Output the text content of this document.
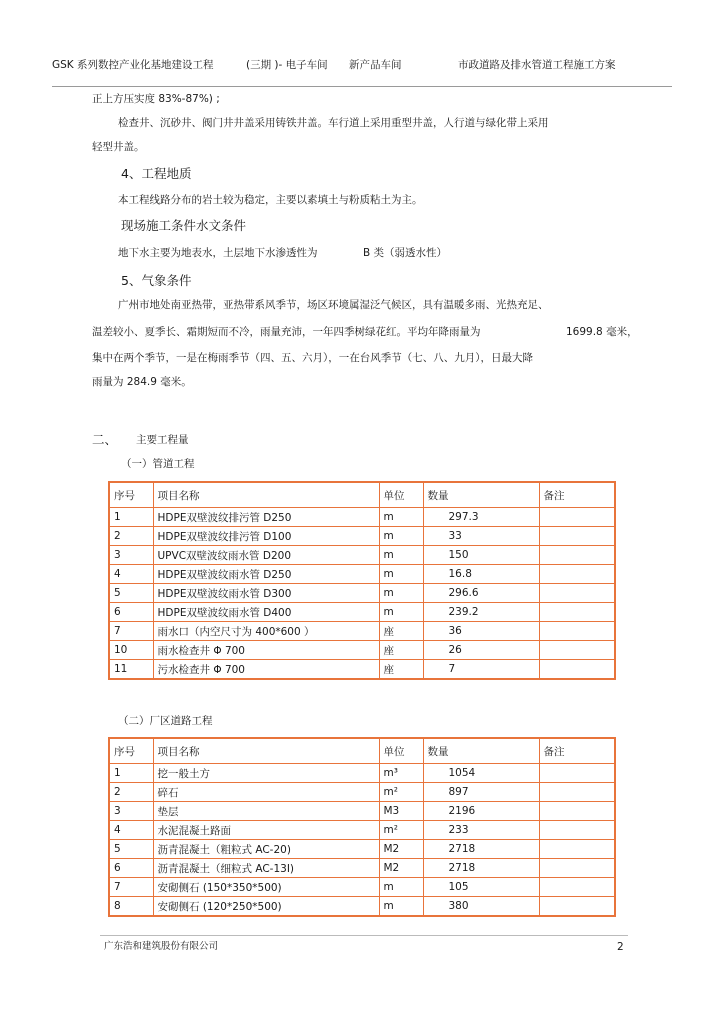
GSK 系列数控产业化基地建设工程	(三期 )- 电子车间 新产品车间	市政道路及排水管道工程施工方案
正上方压实度 83%-87%) ;
检查井、沉砂井、阀门井井盖采用铸铁井盖。车行道上采用重型井盖，人行道与绿化带上采用
轻型井盖。
4、工程地质
本工程线路分布的岩土较为稳定，主要以素填土与粉质粘土为主。
现场施工条件水文条件
地下水主要为地表水，土层地下水渗透性为	B 类（弱透水性）
5、气象条件
广州市地处南亚热带，亚热带系风季节，场区环境属湿泛气候区，具有温暖多雨、光热充足、
温差较小、夏季长、霜期短而不冷，雨量充沛，一年四季树绿花红。平均年降雨量为	1699.8 毫米，
集中在两个季节，一是在梅雨季节（四、五、六月），一在台风季节（七、八、九月），日最大降
雨量为 284.9 毫米。
二、 主要工程量
（一）管道工程
序号	项目名称	单位	数量	备注
1	HDPE双壁波纹排污管 D250	m	297.3	
2	HDPE双壁波纹排污管 D100	m	33	
3	UPVC双壁波纹雨水管 D200	m	150	
4	HDPE双壁波纹雨水管 D250	m	16.8	
5	HDPE双壁波纹雨水管 D300	m	296.6	
6	HDPE双壁波纹雨水管 D400	m	239.2	
7	雨水口（内空尺寸为 400*600 ）	座	36	
10	雨水检查井 Φ 700	座	26	
11	污水检查井 Φ 700	座	7	
（二）厂区道路工程
序号	项目名称	单位	数量	备注
1	挖一般土方	m³	1054	
2	碎石	m²	897	
3	垫层	M3	2196	
4	水泥混凝土路面	m²	233	
5	沥青混凝土（粗粒式 AC-20)	M2	2718	
6	沥青混凝土（细粒式 AC-13I)	M2	2718	
7	安砌侧石 (150*350*500)	m	105	
8	安砌侧石 (120*250*500)	m	380	
广东浩和建筑股份有限公司	2
